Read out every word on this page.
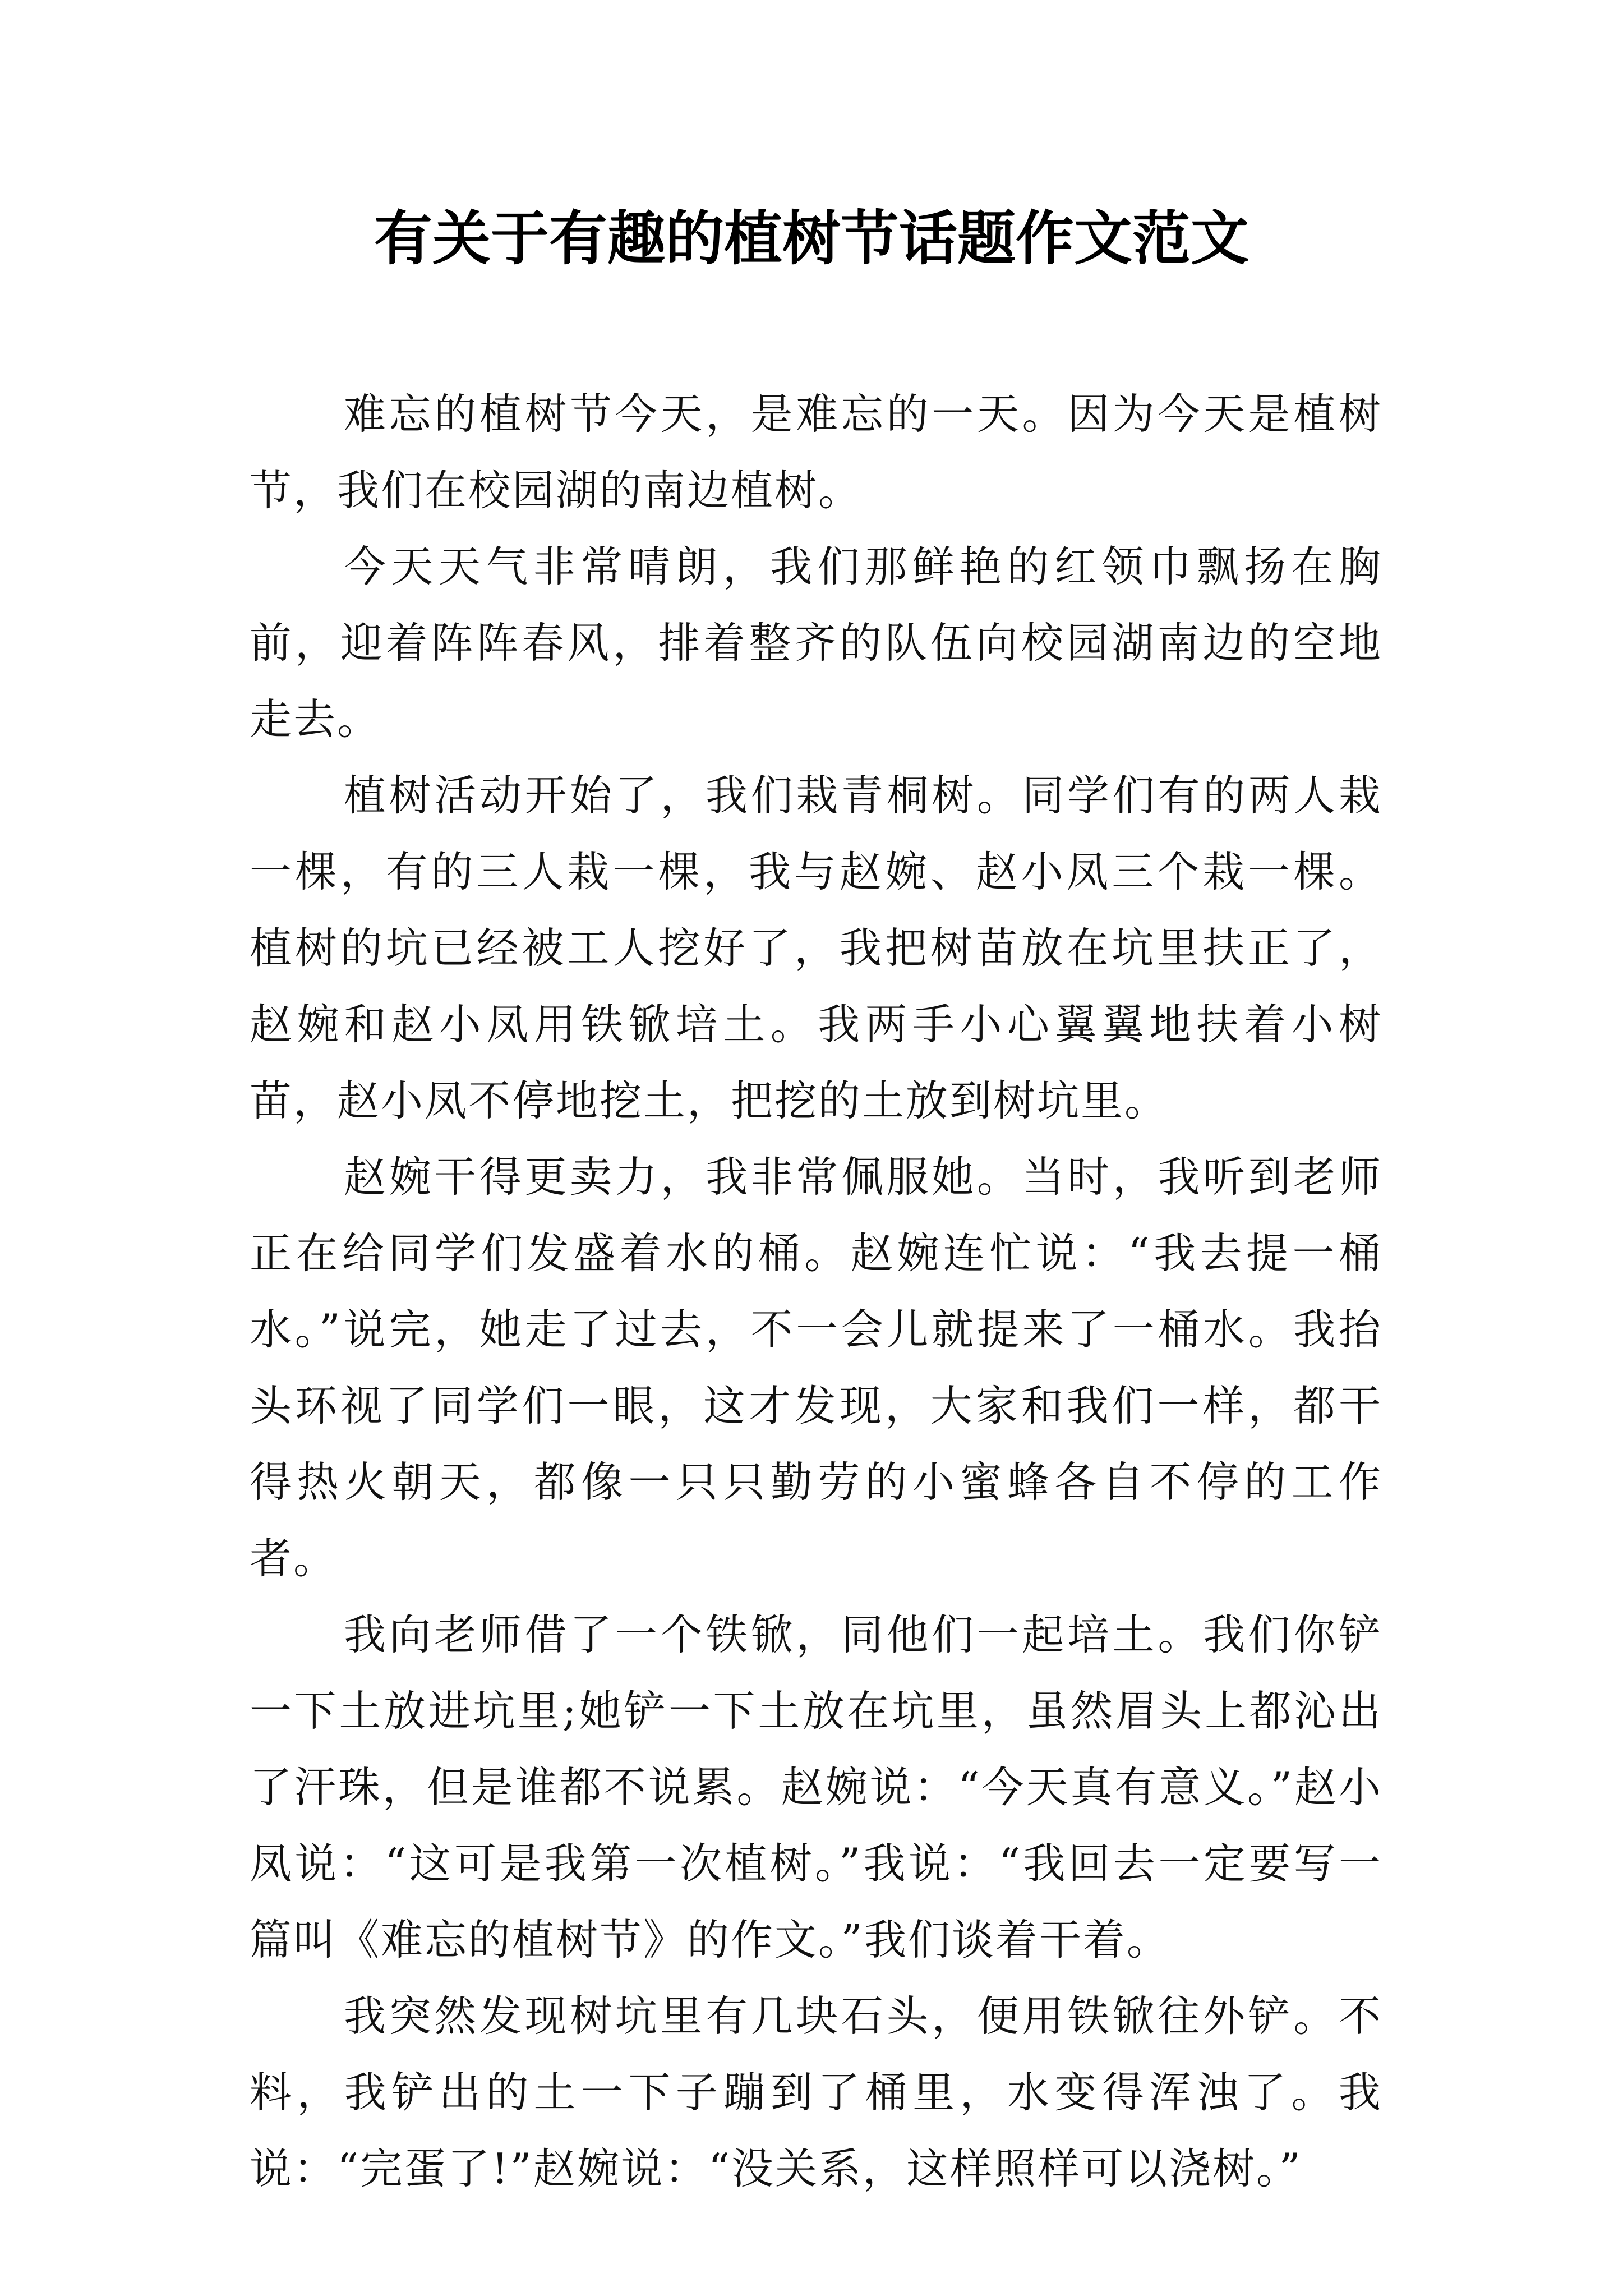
有关于有趣的植树节话题作文范文

难忘的植树节今天，是难忘的一天。因为今天是植树节，我们在校园湖的南边植树。

今天天气非常晴朗，我们那鲜艳的红领巾飘扬在胸前，迎着阵阵春风，排着整齐的队伍向校园湖南边的空地走去。

植树活动开始了，我们栽青桐树。同学们有的两人栽一棵，有的三人栽一棵，我与赵婉、赵小凤三个栽一棵。植树的坑已经被工人挖好了，我把树苗放在坑里扶正了，赵婉和赵小凤用铁锨培土。我两手小心翼翼地扶着小树苗，赵小凤不停地挖土，把挖的土放到树坑里。

赵婉干得更卖力，我非常佩服她。当时，我听到老师正在给同学们发盛着水的桶。赵婉连忙说：“我去提一桶水。”说完，她走了过去，不一会儿就提来了一桶水。我抬头环视了同学们一眼，这才发现，大家和我们一样，都干得热火朝天，都像一只只勤劳的小蜜蜂各自不停的工作者。

我向老师借了一个铁锨，同他们一起培土。我们你铲一下土放进坑里;她铲一下土放在坑里，虽然眉头上都沁出了汗珠，但是谁都不说累。赵婉说：“今天真有意义。”赵小凤说：“这可是我第一次植树。”我说：“我回去一定要写一篇叫《难忘的植树节》的作文。”我们谈着干着。

我突然发现树坑里有几块石头，便用铁锨往外铲。不料，我铲出的土一下子蹦到了桶里，水变得浑浊了。我说：“完蛋了!”赵婉说：“没关系，这样照样可以浇树。”
